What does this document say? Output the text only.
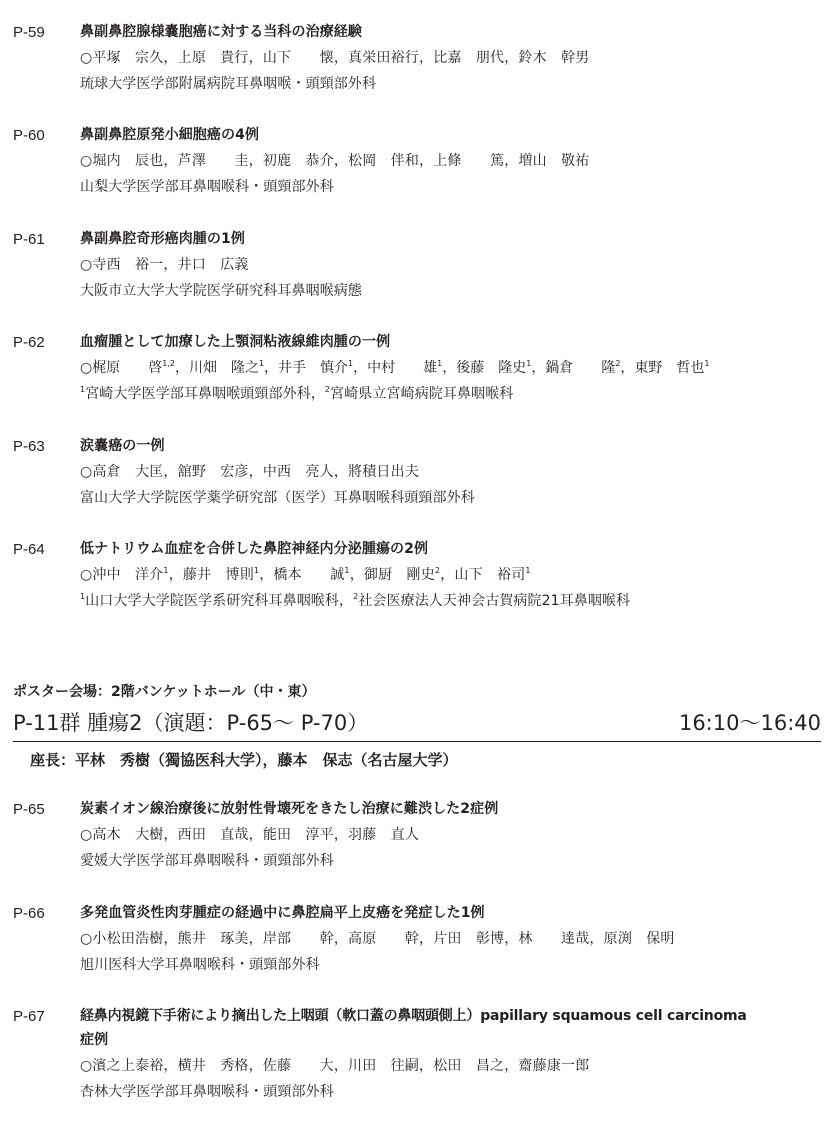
P-59	鼻副鼻腔腺様嚢胞癌に対する当科の治療経験
○平塚　宗久，上原　貴行，山下　　懐，真栄田裕行，比嘉　朋代，鈴木　幹男
琉球大学医学部附属病院耳鼻咽喉・頭頸部外科
P-60	鼻副鼻腔原発小細胞癌の4例
○堀内　辰也，芦澤　　圭，初鹿　恭介，松岡　伴和，上條　　篤，増山　敬祐
山梨大学医学部耳鼻咽喉科・頭頸部外科
P-61	鼻副鼻腔奇形癌肉腫の1例
○寺西　裕一，井口　広義
大阪市立大学大学院医学研究科耳鼻咽喉病態
P-62	血瘤腫として加療した上顎洞粘液線維肉腫の一例
○梶原　　啓$^{1,2}$，川畑　隆之$^1$，井手　慎介$^1$，中村　　雄$^1$，後藤　隆史$^1$，鍋倉　　隆$^2$，東野　哲也$^1$
$^1$宮崎大学医学部耳鼻咽喉頭頸部外科，$^2$宮崎県立宮崎病院耳鼻咽喉科
P-63	涙嚢癌の一例
○高倉　大匡，舘野　宏彦，中西　亮人，將積日出夫
富山大学大学院医学薬学研究部（医学）耳鼻咽喉科頭頸部外科
P-64	低ナトリウム血症を合併した鼻腔神経内分泌腫瘍の2例
○沖中　洋介$^1$，藤井　博則$^1$，橋本　　誠$^1$，御厨　剛史$^2$，山下　裕司$^1$
$^1$山口大学大学院医学系研究科耳鼻咽喉科，$^2$社会医療法人天神会古賀病院21耳鼻咽喉科
ポスター会場：2階バンケットホール（中・東）
P-11群 腫瘍2（演題：P-65～ P-70）	16:10～16:40
座長：平林　秀樹（獨協医科大学），藤本　保志（名古屋大学）
P-65	炭素イオン線治療後に放射性骨壊死をきたし治療に難渋した2症例
○高木　大樹，西田　直哉，能田　淳平，羽藤　直人
愛媛大学医学部耳鼻咽喉科・頭頸部外科
P-66	多発血管炎性肉芽腫症の経過中に鼻腔扁平上皮癌を発症した1例
○小松田浩樹，熊井　琢美，岸部　　幹，高原　　幹，片田　彰博，林　　達哉，原渕　保明
旭川医科大学耳鼻咽喉科・頭頸部外科
P-67	経鼻内視鏡下手術により摘出した上咽頭（軟口蓋の鼻咽頭側上）papillary squamous cell carcinoma
症例
○濱之上泰裕，横井　秀格，佐藤　　大，川田　往嗣，松田　昌之，齋藤康一郎
杏林大学医学部耳鼻咽喉科・頭頸部外科
